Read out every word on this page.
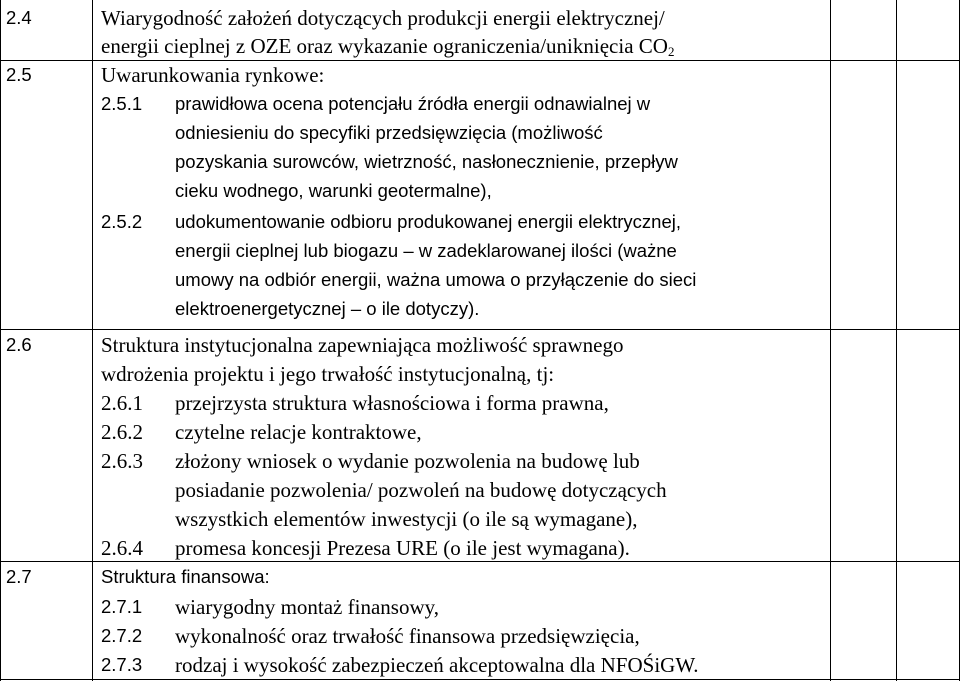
2.4	Wiarygodność założeń dotyczących produkcji energii elektrycznej/
energii cieplnej z OZE oraz wykazanie ograniczenia/uniknięcia $CO_2$
2.5	Uwarunkowania rynkowe:
2.5.1 prawidłowa ocena potencjału źródła energii odnawialnej w
odniesieniu do specyfiki przedsięwzięcia (możliwość
pozyskania surowców, wietrzność, nasłonecznienie, przepływ
cieku wodnego, warunki geotermalne),
2.5.2 udokumentowanie odbioru produkowanej energii elektrycznej,
energii cieplnej lub biogazu – w zadeklarowanej ilości (ważne
umowy na odbiór energii, ważna umowa o przyłączenie do sieci
elektroenergetycznej – o ile dotyczy).
2.6	Struktura instytucjonalna zapewniająca możliwość sprawnego
wdrożenia projektu i jego trwałość instytucjonalną, tj:
2.6.1 przejrzysta struktura własnościowa i forma prawna,
2.6.2 czytelne relacje kontraktowe,
2.6.3 złożony wniosek o wydanie pozwolenia na budowę lub
posiadanie pozwolenia/ pozwoleń na budowę dotyczących
wszystkich elementów inwestycji (o ile są wymagane),
2.6.4 promesa koncesji Prezesa URE (o ile jest wymagana).
2.7	Struktura finansowa:
2.7.1 wiarygodny montaż finansowy,
2.7.2 wykonalność oraz trwałość finansowa przedsięwzięcia,
2.7.3 rodzaj i wysokość zabezpieczeń akceptowalna dla NFOŚiGW.
